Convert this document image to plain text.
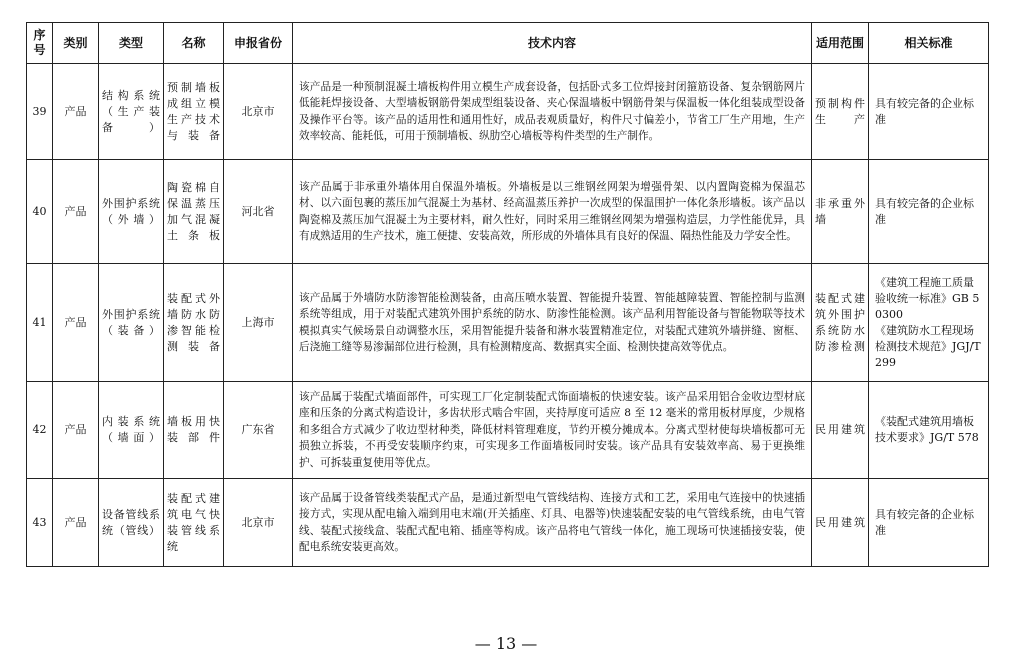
序号	类别	类型	名称	申报省份	技术内容	适用范围	相关标准
39	产品	结构系统（生产装备）	预制墙板成组立模生产技术与装备	北京市	该产品是一种预制混凝土墙板构件用立模生产成套设备，包括卧式多工位焊接封闭箍筋设备、复杂钢筋网片低能耗焊接设备、大型墙板钢筋骨架成型组装设备、夹心保温墙板中钢筋骨架与保温板一体化组装成型设备及操作平台等。该产品的适用性和通用性好，成品表观质量好，构件尺寸偏差小，节省工厂生产用地，生产效率较高、能耗低，可用于预制墙板、纵肋空心墙板等构件类型的生产制作。	预制构件生产	具有较完备的企业标准
40	产品	外围护系统（外墙）	陶瓷棉自保温蒸压加气混凝土条板	河北省	该产品属于非承重外墙体用自保温外墙板。外墙板是以三维钢丝网架为增强骨架、以内置陶瓷棉为保温芯材、以六面包裹的蒸压加气混凝土为基材、经高温蒸压养护一次成型的保温围护一体化条形墙板。该产品以陶瓷棉及蒸压加气混凝土为主要材料，耐久性好，同时采用三维钢丝网架为增强构造层，力学性能优异，具有成熟适用的生产技术，施工便捷、安装高效，所形成的外墙体具有良好的保温、隔热性能及力学安全性。	非承重外墙	具有较完备的企业标准
41	产品	外围护系统（装备）	装配式外墙防水防渗智能检测装备	上海市	该产品属于外墙防水防渗智能检测装备，由高压喷水装置、智能提升装置、智能越障装置、智能控制与监测系统等组成，用于对装配式建筑外围护系统的防水、防渗性能检测。该产品利用智能设备与智能物联等技术模拟真实气候场景自动调整水压，采用智能提升装备和淋水装置精准定位，对装配式建筑外墙拼缝、窗框、后浇施工缝等易渗漏部位进行检测，具有检测精度高、数据真实全面、检测快捷高效等优点。	装配式建筑外围护系统防水防渗检测	《建筑工程施工质量验收统一标准》GB 50300
《建筑防水工程现场检测技术规范》JGJ/T 299
42	产品	内装系统（墙面）	墙板用快装部件	广东省	该产品属于装配式墙面部件，可实现工厂化定制装配式饰面墙板的快速安装。该产品采用铝合金收边型材底座和压条的分离式构造设计，多齿状形式啮合牢固，夹持厚度可适应 8 至 12 毫米的常用板材厚度，少规格和多组合方式减少了收边型材种类，降低材料管理难度，节约开模分摊成本。分离式型材使每块墙板都可无损独立拆装，不再受安装顺序约束，可实现多工作面墙板同时安装。该产品具有安装效率高、易于更换维护、可拆装重复使用等优点。	民用建筑	《装配式建筑用墙板技术要求》JG/T 578
43	产品	设备管线系统（管线）	装配式建筑电气快装管线系统	北京市	该产品属于设备管线类装配式产品，是通过新型电气管线结构、连接方式和工艺，采用电气连接中的快速插接方式，实现从配电输入端到用电末端(开关插座、灯具、电器等)快速装配安装的电气管线系统，由电气管线、装配式接线盒、装配式配电箱、插座等构成。该产品将电气管线一体化，施工现场可快速插接安装，使配电系统安装更高效。	民用建筑	具有较完备的企业标准
— 13 —
